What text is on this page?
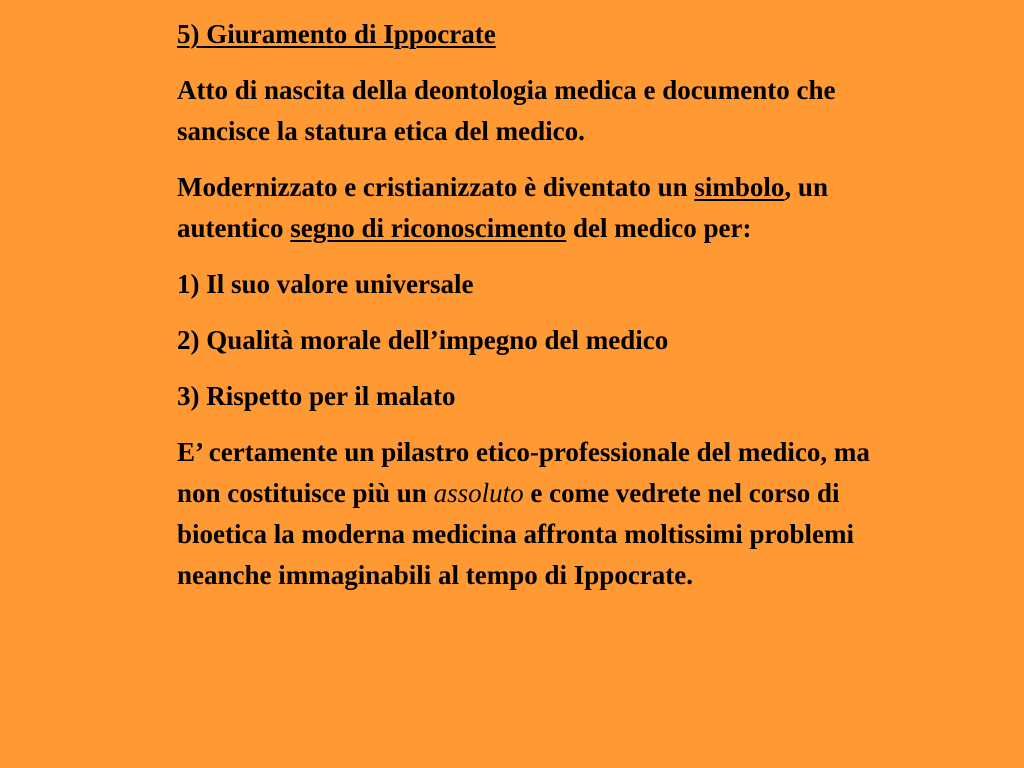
5) Giuramento di Ippocrate

Atto di nascita della deontologia medica e documento che sancisce la statura etica del medico.

Modernizzato e cristianizzato è diventato un simbolo, un autentico segno di riconoscimento del medico per:

1) Il suo valore universale

2) Qualità morale dell’impegno del medico

3) Rispetto per il malato

E’ certamente un pilastro etico-professionale del medico, ma non costituisce più un assoluto e come vedrete nel corso di bioetica la moderna medicina affronta moltissimi problemi neanche immaginabili al tempo di Ippocrate.
